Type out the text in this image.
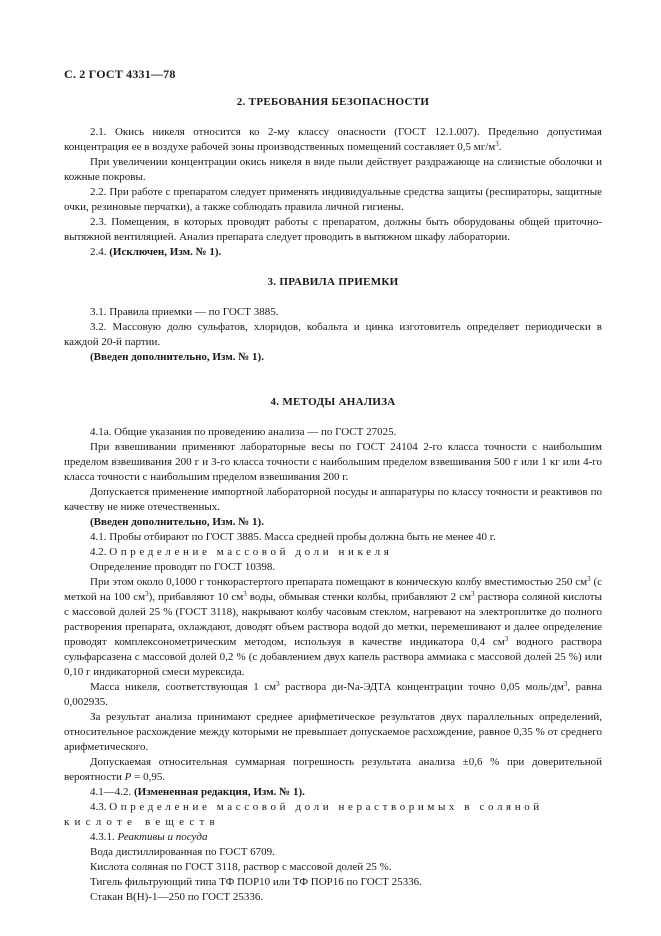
С. 2 ГОСТ 4331—78
2. ТРЕБОВАНИЯ БЕЗОПАСНОСТИ

2.1. Окись никеля относится ко 2-му классу опасности (ГОСТ 12.1.007). Предельно допустимая концентрация ее в воздухе рабочей зоны производственных помещений составляет 0,5 $мг/м^3$.

При увеличении концентрации окись никеля в виде пыли действует раздражающе на слизистые оболочки и кожные покровы.

2.2. При работе с препаратом следует применять индивидуальные средства защиты (респираторы, защитные очки, резиновые перчатки), а также соблюдать правила личной гигиены.

2.3. Помещения, в которых проводят работы с препаратом, должны быть оборудованы общей приточно-вытяжной вентиляцией. Анализ препарата следует проводить в вытяжном шкафу лаборатории.

2.4. (Исключен, Изм. № 1).

3. ПРАВИЛА ПРИЕМКИ

3.1. Правила приемки — по ГОСТ 3885.

3.2. Массовую долю сульфатов, хлоридов, кобальта и цинка изготовитель определяет периодически в каждой 20-й партии.

(Введен дополнительно, Изм. № 1).

4. МЕТОДЫ АНАЛИЗА

4.1а. Общие указания по проведению анализа — по ГОСТ 27025.

При взвешивании применяют лабораторные весы по ГОСТ 24104 2-го класса точности с наибольшим пределом взвешивания 200 г и 3-го класса точности с наибольшим пределом взвешивания 500 г или 1 кг или 4-го класса точности с наибольшим пределом взвешивания 200 г.

Допускается применение импортной лабораторной посуды и аппаратуры по классу точности и реактивов по качеству не ниже отечественных.

(Введен дополнительно, Изм. № 1).

4.1. Пробы отбирают по ГОСТ 3885. Масса средней пробы должна быть не менее 40 г.

4.2. Определение массовой доли никеля

Определение проводят по ГОСТ 10398.

При этом около 0,1000 г тонкорастертого препарата помещают в коническую колбу вместимостью 250 $см^3$ (с меткой на 100 $см^3$), прибавляют 10 $см^3$ воды, обмывая стенки колбы, прибавляют 2 $см^3$ раствора соляной кислоты с массовой долей 25 % (ГОСТ 3118), накрывают колбу часовым стеклом, нагревают на электроплитке до полного растворения препарата, охлаждают, доводят объем раствора водой до метки, перемешивают и далее определение проводят комплексонометрическим методом, используя в качестве индикатора 0,4 $см^3$ водного раствора сульфарсазена с массовой долей 0,2 % (с добавлением двух капель раствора аммиака с массовой долей 25 %) или 0,10 г индикаторной смеси мурексида.

Масса никеля, соответствующая 1 $см^3$ раствора ди-Na-ЭДТА концентрации точно 0,05 моль/$дм^3$, равна 0,002935.

За результат анализа принимают среднее арифметическое результатов двух параллельных определений, относительное расхождение между которыми не превышает допускаемое расхождение, равное 0,35 % от среднего арифметического.

Допускаемая относительная суммарная погрешность результата анализа ±0,6 % при доверительной вероятности P = 0,95.

4.1—4.2. (Измененная редакция, Изм. № 1).

4.3. Определение массовой доли нерастворимых в соляной
кислоте веществ

4.3.1. Реактивы и посуда

Вода дистиллированная по ГОСТ 6709.

Кислота соляная по ГОСТ 3118, раствор с массовой долей 25 %.

Тигель фильтрующий типа ТФ ПОР10 или ТФ ПОР16 по ГОСТ 25336.

Стакан В(Н)-1—250 по ГОСТ 25336.
